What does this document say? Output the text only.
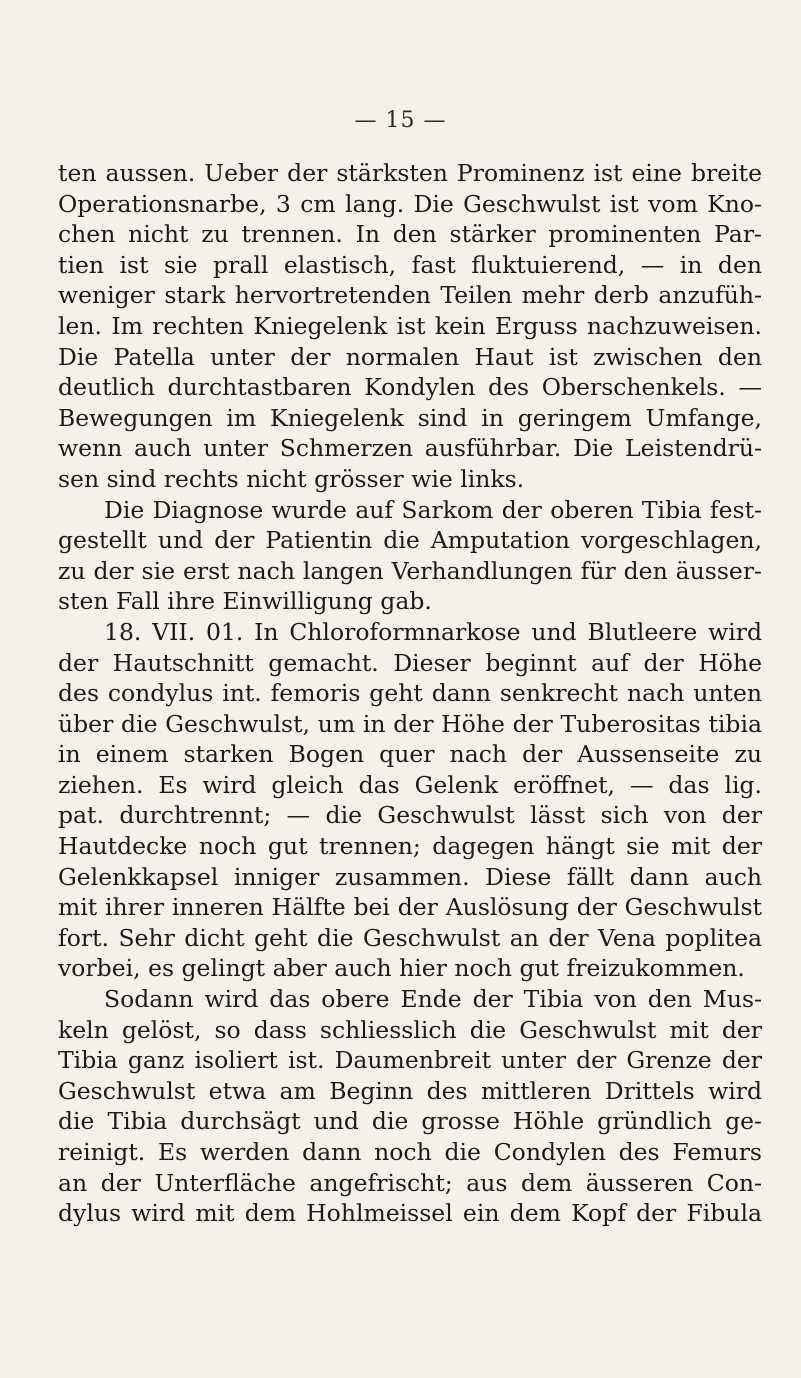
— 15 —
ten aussen. Ueber der stärksten Prominenz ist eine breite
Operationsnarbe, 3 cm lang. Die Geschwulst ist vom Kno-
chen nicht zu trennen. In den stärker prominenten Par-
tien ist sie prall elastisch, fast fluktuierend, — in den
weniger stark hervortretenden Teilen mehr derb anzufüh-
len. Im rechten Kniegelenk ist kein Erguss nachzuweisen.
Die Patella unter der normalen Haut ist zwischen den
deutlich durchtastbaren Kondylen des Oberschenkels. —
Bewegungen im Kniegelenk sind in geringem Umfange,
wenn auch unter Schmerzen ausführbar. Die Leistendrü-
sen sind rechts nicht grösser wie links.
Die Diagnose wurde auf Sarkom der oberen Tibia fest-
gestellt und der Patientin die Amputation vorgeschlagen,
zu der sie erst nach langen Verhandlungen für den äusser-
sten Fall ihre Einwilligung gab.
18. VII. 01. In Chloroformnarkose und Blutleere wird
der Hautschnitt gemacht. Dieser beginnt auf der Höhe
des condylus int. femoris geht dann senkrecht nach unten
über die Geschwulst, um in der Höhe der Tuberositas tibia
in einem starken Bogen quer nach der Aussenseite zu
ziehen. Es wird gleich das Gelenk eröffnet, — das lig.
pat. durchtrennt; — die Geschwulst lässt sich von der
Hautdecke noch gut trennen; dagegen hängt sie mit der
Gelenkkapsel inniger zusammen. Diese fällt dann auch
mit ihrer inneren Hälfte bei der Auslösung der Geschwulst
fort. Sehr dicht geht die Geschwulst an der Vena poplitea
vorbei, es gelingt aber auch hier noch gut freizukommen.
Sodann wird das obere Ende der Tibia von den Mus-
keln gelöst, so dass schliesslich die Geschwulst mit der
Tibia ganz isoliert ist. Daumenbreit unter der Grenze der
Geschwulst etwa am Beginn des mittleren Drittels wird
die Tibia durchsägt und die grosse Höhle gründlich ge-
reinigt. Es werden dann noch die Condylen des Femurs
an der Unterfläche angefrischt; aus dem äusseren Con-
dylus wird mit dem Hohlmeissel ein dem Kopf der Fibula
